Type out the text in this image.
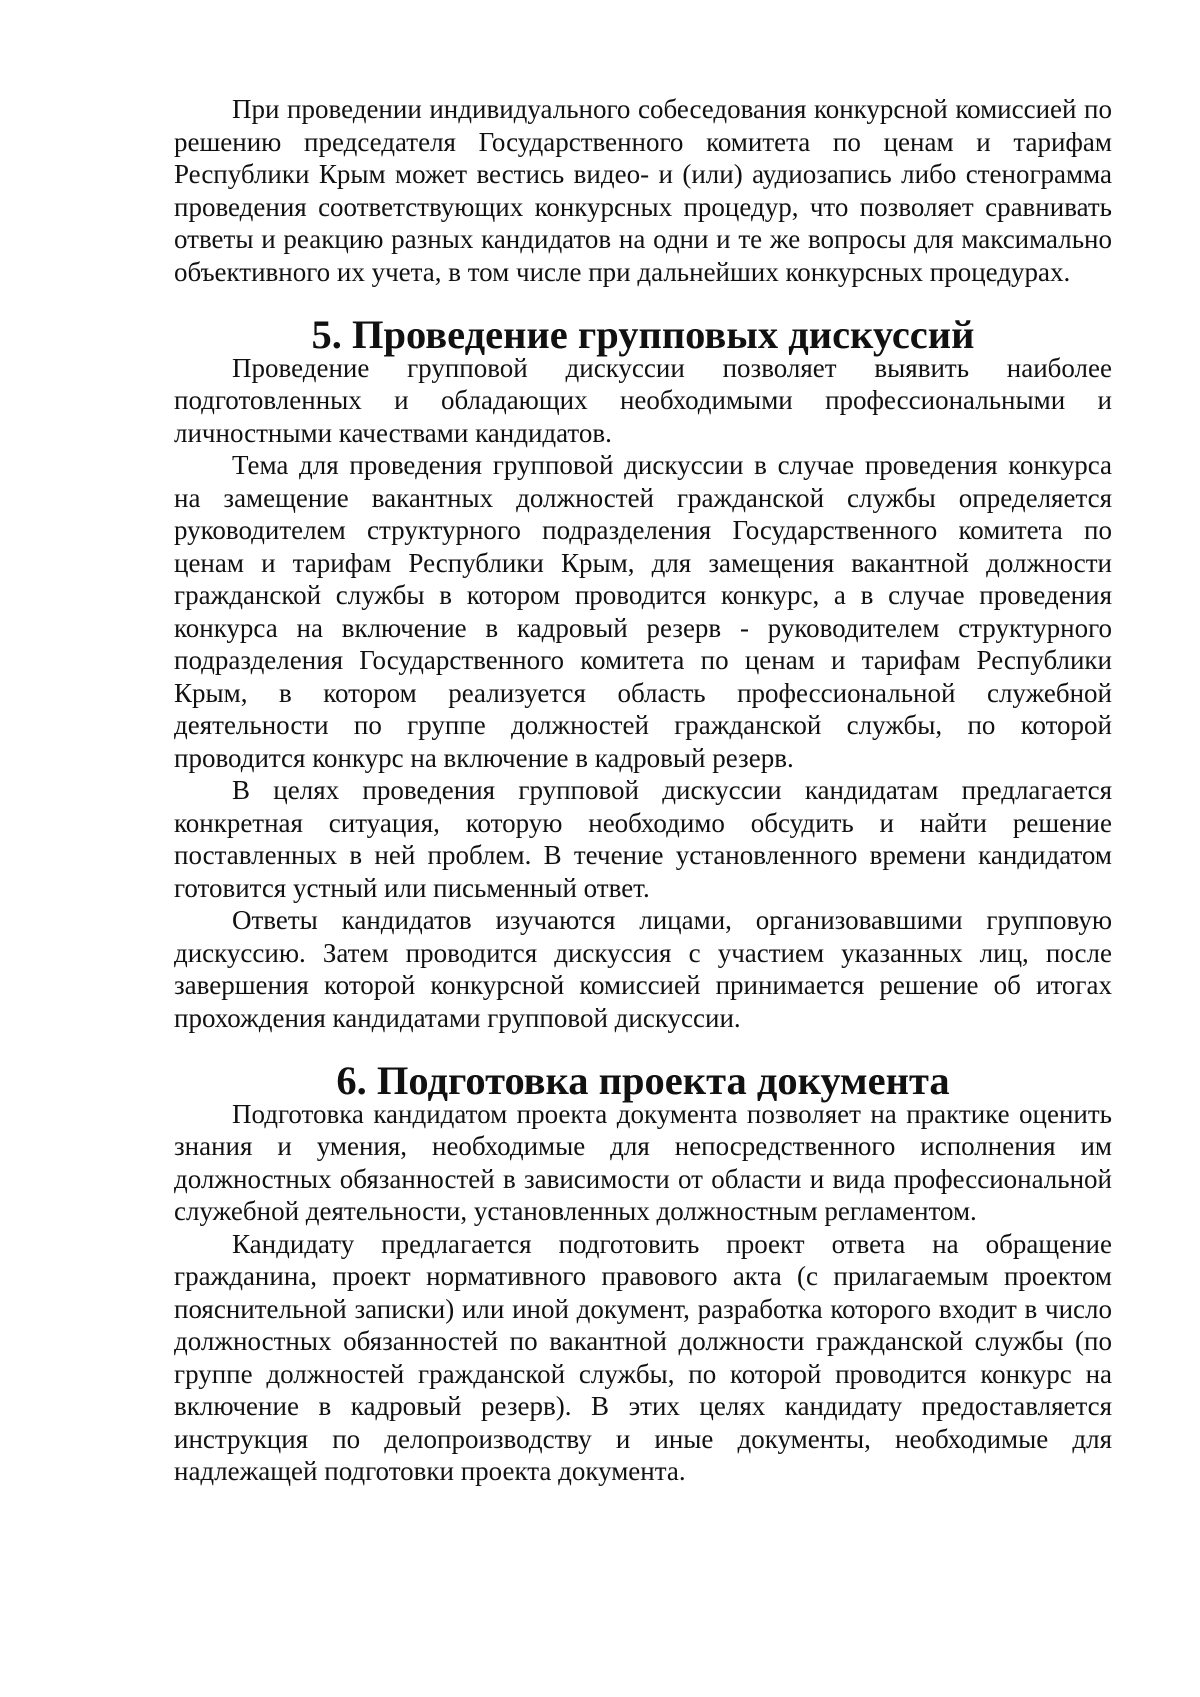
При проведении индивидуального собеседования конкурсной комиссией по решению председателя Государственного комитета по ценам и тарифам Республики Крым может вестись видео- и (или) аудиозапись либо стенограмма проведения соответствующих конкурсных процедур, что позволяет сравнивать ответы и реакцию разных кандидатов на одни и те же вопросы для максимально объективного их учета, в том числе при дальнейших конкурсных процедурах.

5. Проведение групповых дискуссий

Проведение групповой дискуссии позволяет выявить наиболее подготовленных и обладающих необходимыми профессиональными и личностными качествами кандидатов.

Тема для проведения групповой дискуссии в случае проведения конкурса на замещение вакантных должностей гражданской службы определяется руководителем структурного подразделения Государственного комитета по ценам и тарифам Республики Крым, для замещения вакантной должности гражданской службы в котором проводится конкурс, а в случае проведения конкурса на включение в кадровый резерв - руководителем структурного подразделения Государственного комитета по ценам и тарифам Республики Крым, в котором реализуется область профессиональной служебной деятельности по группе должностей гражданской службы, по которой проводится конкурс на включение в кадровый резерв.

В целях проведения групповой дискуссии кандидатам предлагается конкретная ситуация, которую необходимо обсудить и найти решение поставленных в ней проблем. В течение установленного времени кандидатом готовится устный или письменный ответ.

Ответы кандидатов изучаются лицами, организовавшими групповую дискуссию. Затем проводится дискуссия с участием указанных лиц, после завершения которой конкурсной комиссией принимается решение об итогах прохождения кандидатами групповой дискуссии.

6. Подготовка проекта документа

Подготовка кандидатом проекта документа позволяет на практике оценить знания и умения, необходимые для непосредственного исполнения им должностных обязанностей в зависимости от области и вида профессиональной служебной деятельности, установленных должностным регламентом.

Кандидату предлагается подготовить проект ответа на обращение гражданина, проект нормативного правового акта (с прилагаемым проектом пояснительной записки) или иной документ, разработка которого входит в число должностных обязанностей по вакантной должности гражданской службы (по группе должностей гражданской службы, по которой проводится конкурс на включение в кадровый резерв). В этих целях кандидату предоставляется инструкция по делопроизводству и иные документы, необходимые для надлежащей подготовки проекта документа.
